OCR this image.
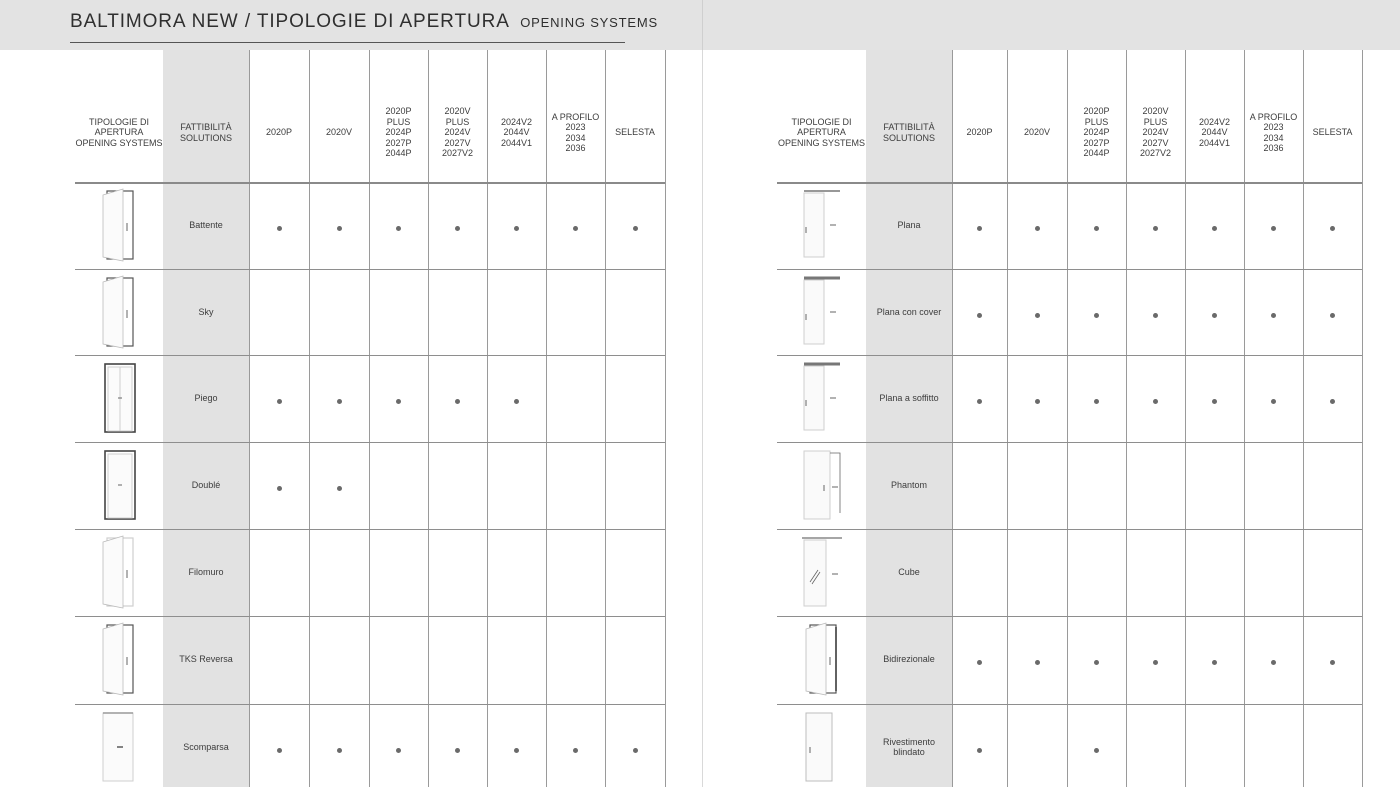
BALTIMORA NEW / TIPOLOGIE DI APERTURA OPENING SYSTEMS
TIPOLOGIE DI
APERTURA
OPENING SYSTEMS
FATTIBILITÀ
SOLUTIONS
2020P	2020V
2020P
PLUS
2024P
2027P
2044P
2020V
PLUS
2024V
2027V
2027V2
2024V2
2044V
2044V1
A PROFILO
2023
2034
2036
SELESTA
Battente
Sky
Piego
Doublé
Filomuro
TKS Reversa
Scomparsa
TIPOLOGIE DI
APERTURA
OPENING SYSTEMS
FATTIBILITÀ
SOLUTIONS
2020P	2020V
2020P
PLUS
2024P
2027P
2044P
2020V
PLUS
2024V
2027V
2027V2
2024V2
2044V
2044V1
A PROFILO
2023
2034
2036
SELESTA
Plana
Plana con cover
Plana a soffitto
Phantom
Cube
Bidirezionale
Rivestimento
blindato
